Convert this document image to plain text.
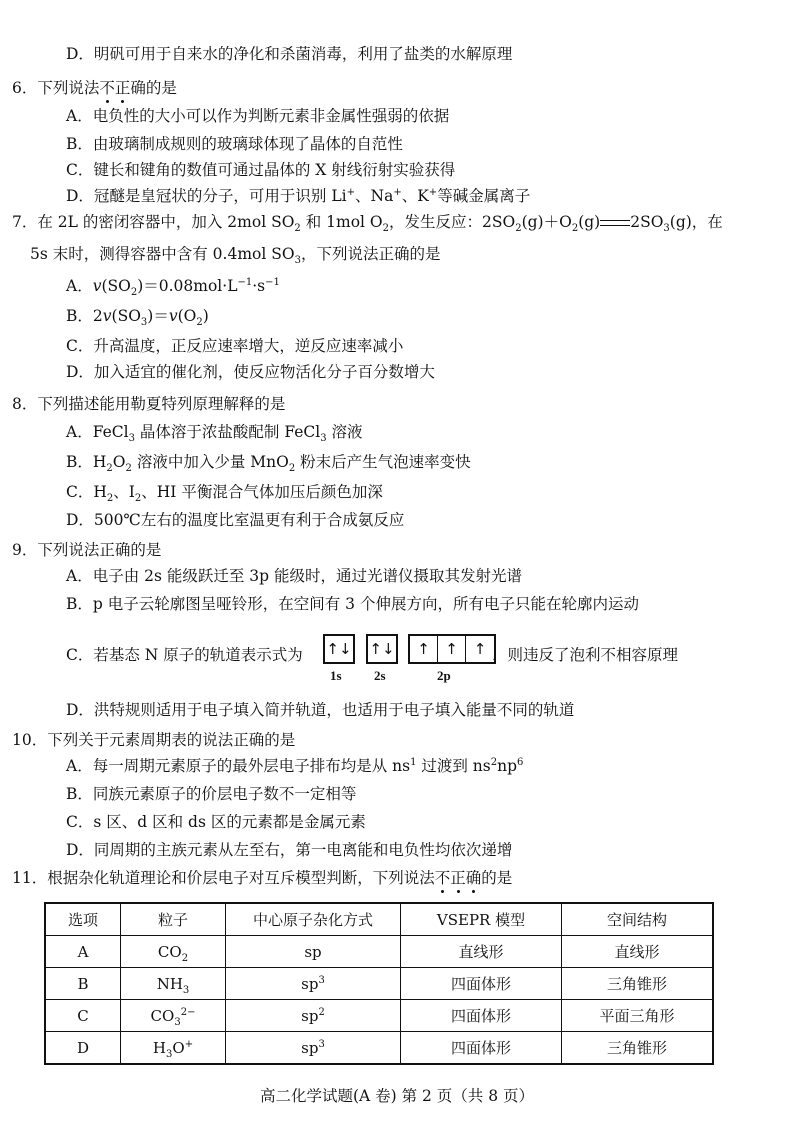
D．明矾可用于自来水的净化和杀菌消毒，利用了盐类的水解原理
6．下列说法不正确的是
A．电负性的大小可以作为判断元素非金属性强弱的依据
B．由玻璃制成规则的玻璃球体现了晶体的自范性
C．键长和键角的数值可通过晶体的 X 射线衍射实验获得
D．冠醚是皇冠状的分子，可用于识别 Li+、Na+、K+等碱金属离子
7．在 2L 的密闭容器中，加入 2mol $SO_2$ 和 1mol $O_2$，发生反应：$2SO_2(g)+O_2(g)$ $2SO_3(g)$，在
5s 末时，测得容器中含有 0.4mol $SO_3$，下列说法正确的是
A．$v(SO_2)=0.08mol\cdot L^{-1}\cdot s^{-1}$
B．$2v(SO_3)=v(O_2)$
C．升高温度，正反应速率增大，逆反应速率减小
D．加入适宜的催化剂，使反应物活化分子百分数增大
8．下列描述能用勒夏特列原理解释的是
A．FeCl$_3$ 晶体溶于浓盐酸配制 FeCl$_3$ 溶液
B．$H_2O_2$ 溶液中加入少量 MnO$_2$ 粉末后产生气泡速率变快
C．$H_2$、$I_2$、HI 平衡混合气体加压后颜色加深
D．500℃左右的温度比室温更有利于合成氨反应
9．下列说法正确的是
A．电子由 2s 能级跃迁至 3p 能级时，通过光谱仪摄取其发射光谱
B．p 电子云轮廓图呈哑铃形，在空间有 3 个伸展方向，所有电子只能在轮廓内运动
C．若基态 N 原子的轨道表示式为 ↑↓ ↑↓	↑	↑	↑
1s 2s	2p
，则违反了泡利不相容原理
D．洪特规则适用于电子填入简并轨道，也适用于电子填入能量不同的轨道
10．下列关于元素周期表的说法正确的是
A．每一周期元素原子的最外层电子排布均是从 $ns^1$ 过渡到 $ns^2np^6$
B．同族元素原子的价层电子数不一定相等
C．s 区、d 区和 ds 区的元素都是金属元素
D．同周期的主族元素从左至右，第一电离能和电负性均依次递增
11．根据杂化轨道理论和价层电子对互斥模型判断，下列说法不正确的是
选项	粒子	中心原子杂化方式	VSEPR 模型	空间结构
A	$CO_2$	sp	直线形	直线形
B	$NH_3$	$sp^3$	四面体形	三角锥形
C	$CO_3^{2-}$	$sp^2$	四面体形	平面三角形
D	$H_3O^+$	$sp^3$	四面体形	三角锥形
高二化学试题(A 卷) 第 2 页（共 8 页）
